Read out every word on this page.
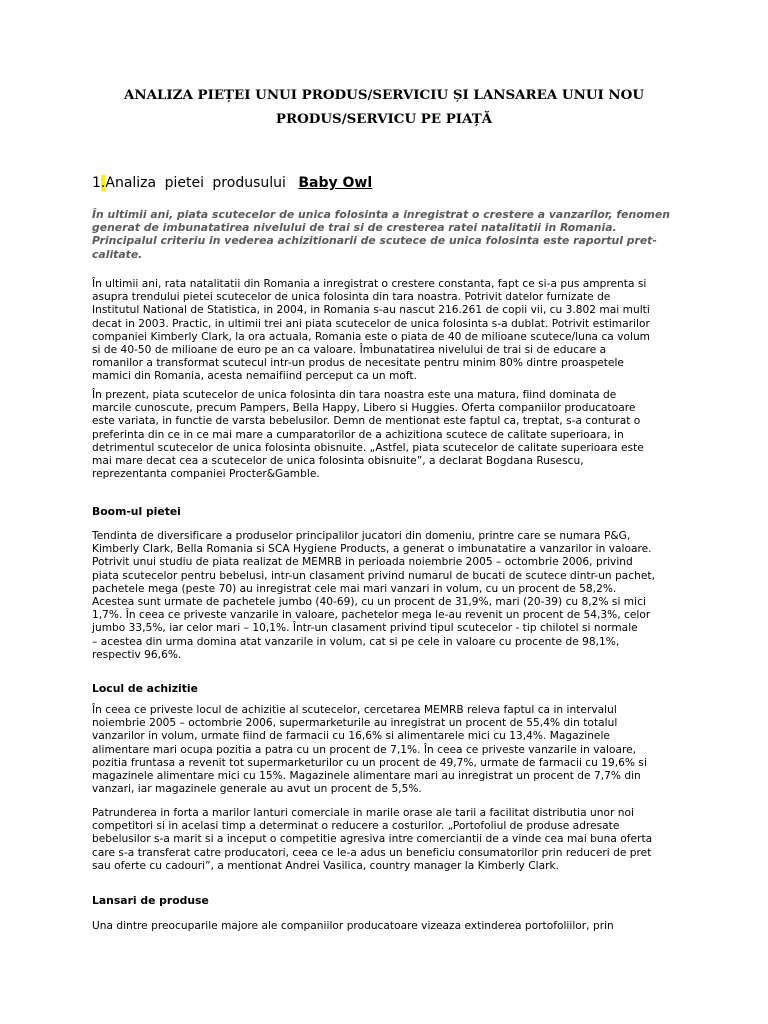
ANALIZA PIEȚEI UNUI PRODUS/SERVICIU ȘI LANSAREA UNUI NOU
PRODUS/SERVICU PE PIAȚĂ
1.Analiza pietei produsului Baby Owl

În ultimii ani, piata scutecelor de unica folosinta a inregistrat o crestere a vanzarilor, fenomen
generat de imbunatatirea nivelului de trai si de cresterea ratei natalitatii in Romania.
Principalul criteriu in vederea achizitionarii de scutece de unica folosinta este raportul pret-
calitate.

În ultimii ani, rata natalitatii din Romania a inregistrat o crestere constanta, fapt ce si-a pus amprenta si
asupra trendului pietei scutecelor de unica folosinta din tara noastra. Potrivit datelor furnizate de
Institutul National de Statistica, in 2004, in Romania s-au nascut 216.261 de copii vii, cu 3.802 mai multi
decat in 2003. Practic, in ultimii trei ani piata scutecelor de unica folosinta s-a dublat. Potrivit estimarilor
companiei Kimberly Clark, la ora actuala, Romania este o piata de 40 de milioane scutece/luna ca volum
si de 40-50 de milioane de euro pe an ca valoare. Îmbunatatirea nivelului de trai si de educare a
romanilor a transformat scutecul intr-un produs de necesitate pentru minim 80% dintre proaspetele
mamici din Romania, acesta nemaifiind perceput ca un moft.

În prezent, piata scutecelor de unica folosinta din tara noastra este una matura, fiind dominata de
marcile cunoscute, precum Pampers, Bella Happy, Libero si Huggies. Oferta companiilor producatoare
este variata, in functie de varsta bebelusilor. Demn de mentionat este faptul ca, treptat, s-a conturat o
preferinta din ce in ce mai mare a cumparatorilor de a achizitiona scutece de calitate superioara, in
detrimentul scutecelor de unica folosinta obisnuite. „Astfel, piata scutecelor de calitate superioara este
mai mare decat cea a scutecelor de unica folosinta obisnuite”, a declarat Bogdana Rusescu,
reprezentanta companiei Procter&Gamble.

Boom-ul pietei

Tendinta de diversificare a produselor principalilor jucatori din domeniu, printre care se numara P&G,
Kimberly Clark, Bella Romania si SCA Hygiene Products, a generat o imbunatatire a vanzarilor in valoare.
Potrivit unui studiu de piata realizat de MEMRB in perioada noiembrie 2005 – octombrie 2006, privind
piata scutecelor pentru bebelusi, intr-un clasament privind numarul de bucati de scutece dintr-un pachet,
pachetele mega (peste 70) au inregistrat cele mai mari vanzari in volum, cu un procent de 58,2%.
Acestea sunt urmate de pachetele jumbo (40-69), cu un procent de 31,9%, mari (20-39) cu 8,2% si mici
1,7%. În ceea ce priveste vanzarile in valoare, pachetelor mega le-au revenit un procent de 54,3%, celor
jumbo 33,5%, iar celor mari – 10,1%. Într-un clasament privind tipul scutecelor - tip chilotel si normale
– acestea din urma domina atat vanzarile in volum, cat si pe cele in valoare cu procente de 98,1%,
respectiv 96,6%.

Locul de achizitie

În ceea ce priveste locul de achizitie al scutecelor, cercetarea MEMRB releva faptul ca in intervalul
noiembrie 2005 – octombrie 2006, supermarketurile au inregistrat un procent de 55,4% din totalul
vanzarilor in volum, urmate fiind de farmacii cu 16,6% si alimentarele mici cu 13,4%. Magazinele
alimentare mari ocupa pozitia a patra cu un procent de 7,1%. În ceea ce priveste vanzarile in valoare,
pozitia fruntasa a revenit tot supermarketurilor cu un procent de 49,7%, urmate de farmacii cu 19,6% si
magazinele alimentare mici cu 15%. Magazinele alimentare mari au inregistrat un procent de 7,7% din
vanzari, iar magazinele generale au avut un procent de 5,5%.

Patrunderea in forta a marilor lanturi comerciale in marile orase ale tarii a facilitat distributia unor noi
competitori si in acelasi timp a determinat o reducere a costurilor. „Portofoliul de produse adresate
bebelusilor s-a marit si a inceput o competitie agresiva intre comerciantii de a vinde cea mai buna oferta
care s-a transferat catre producatori, ceea ce le-a adus un beneficiu consumatorilor prin reduceri de pret
sau oferte cu cadouri”, a mentionat Andrei Vasilica, country manager la Kimberly Clark.

Lansari de produse

Una dintre preocuparile majore ale companiilor producatoare vizeaza extinderea portofoliilor, prin
